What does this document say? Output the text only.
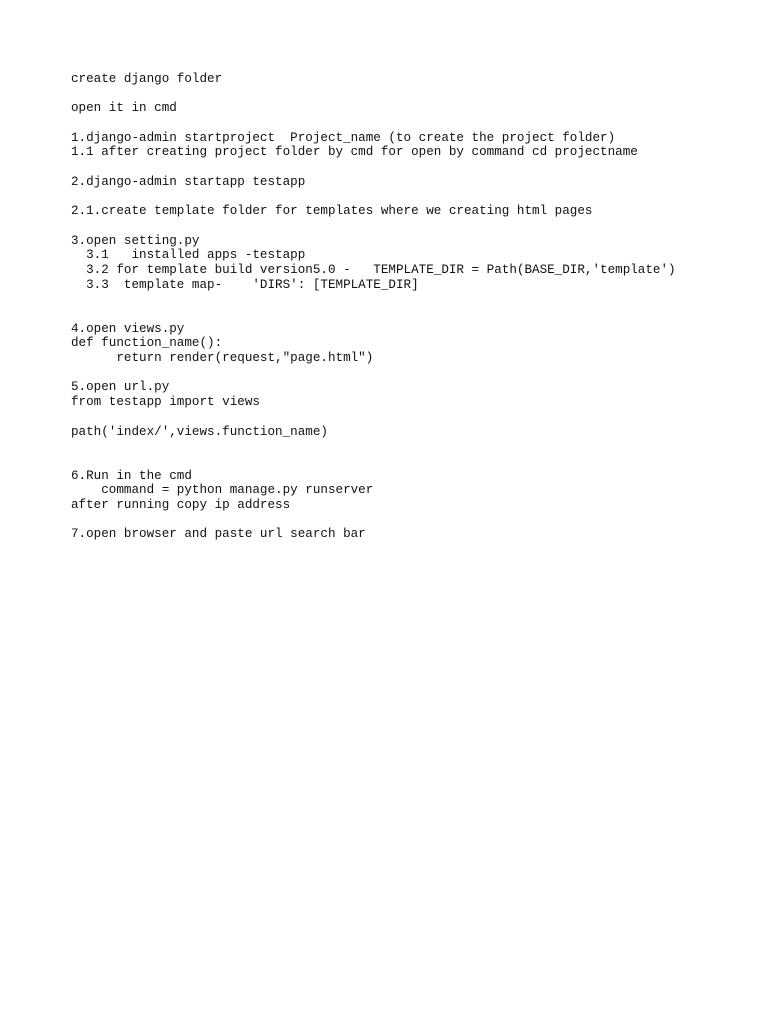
create django folder
open it in cmd
1.django-admin startproject  Project_name (to create the project folder)
1.1 after creating project folder by cmd for open by command cd projectname
2.django-admin startapp testapp
2.1.create template folder for templates where we creating html pages
3.open setting.py
3.1   installed apps -testapp
3.2 for template build version5.0 -   TEMPLATE_DIR = Path(BASE_DIR,'template')
3.3  template map-    'DIRS': [TEMPLATE_DIR]
4.open views.py
def function_name():
return render(request,"page.html")
5.open url.py
from testapp import views
path('index/',views.function_name)
6.Run in the cmd
command = python manage.py runserver
after running copy ip address
7.open browser and paste url search bar
